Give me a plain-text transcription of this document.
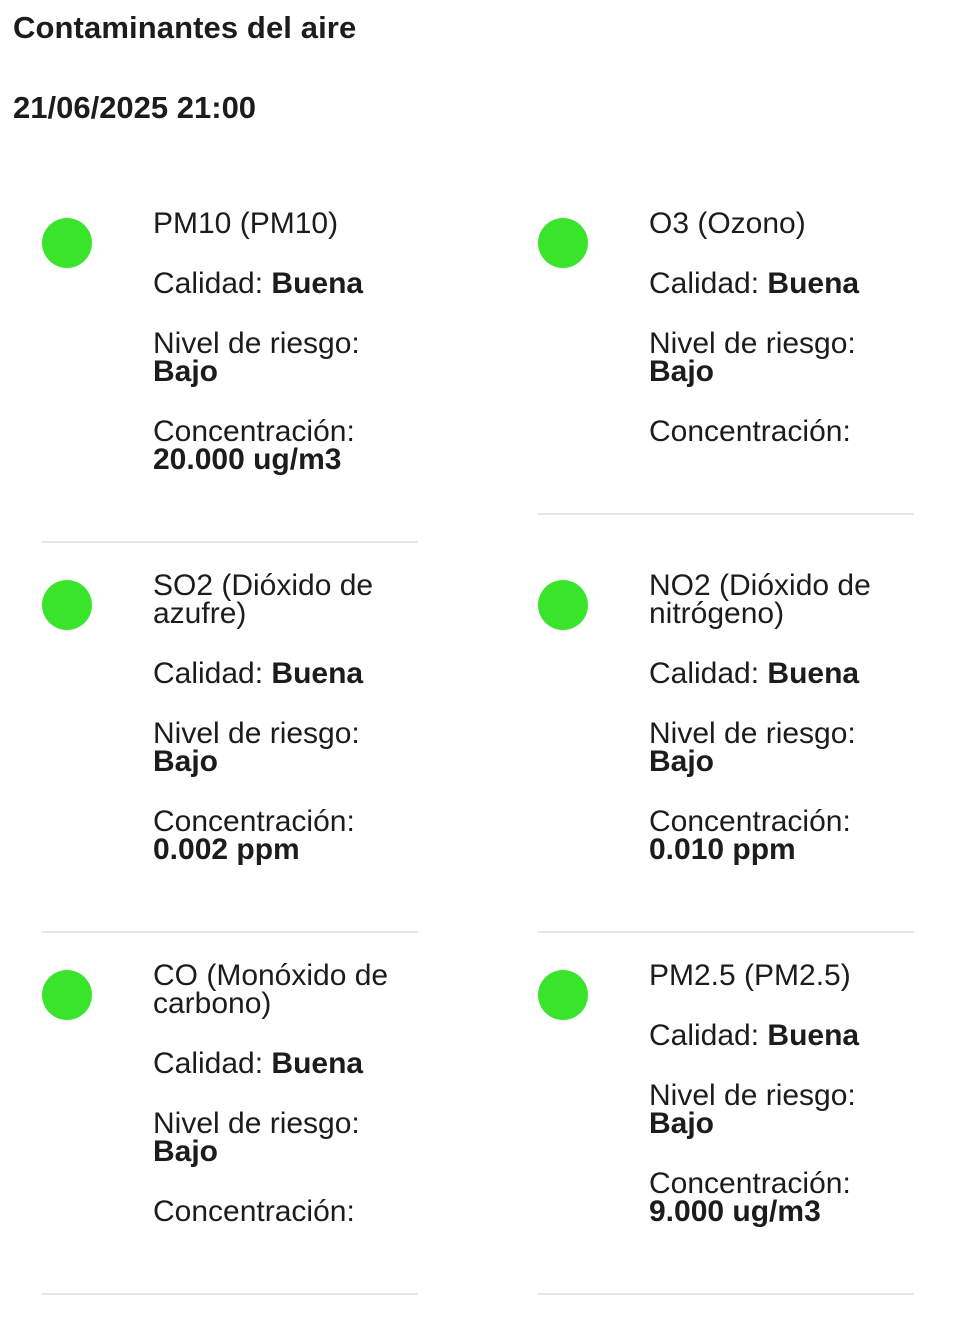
Contaminantes del aire
21/06/2025 21:00

PM10 (PM10)

Calidad: Buena

Nivel de riesgo:
Bajo

Concentración:
20.000 ug/m3

O3 (Ozono)

Calidad: Buena

Nivel de riesgo:
Bajo

Concentración:

SO2 (Dióxido de
azufre)

Calidad: Buena

Nivel de riesgo:
Bajo

Concentración:
0.002 ppm

NO2 (Dióxido de
nitrógeno)

Calidad: Buena

Nivel de riesgo:
Bajo

Concentración:
0.010 ppm

CO (Monóxido de
carbono)

Calidad: Buena

Nivel de riesgo:
Bajo

Concentración:

PM2.5 (PM2.5)

Calidad: Buena

Nivel de riesgo:
Bajo

Concentración:
9.000 ug/m3
